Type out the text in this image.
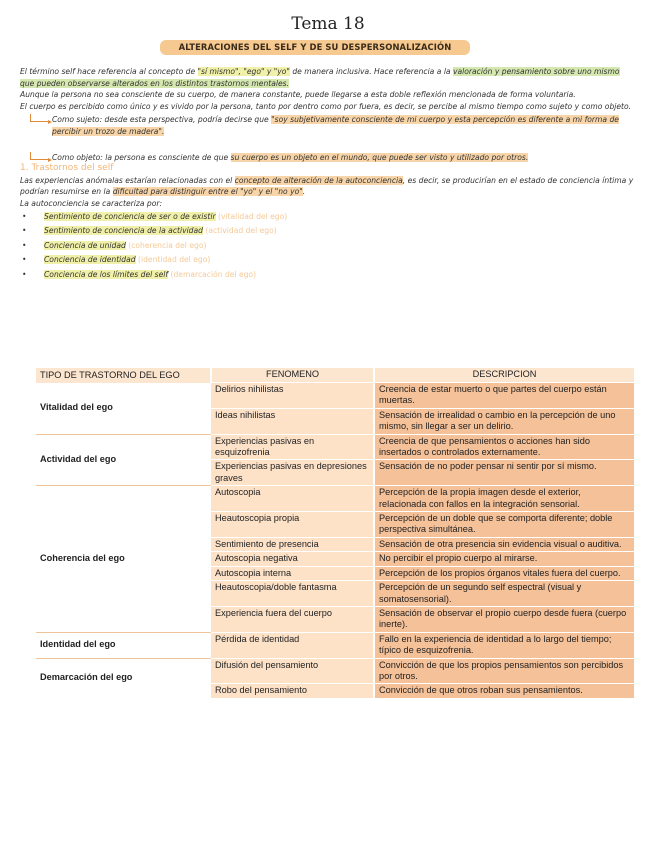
Tema 18
ALTERACIONES DEL SELF Y DE SU DESPERSONALIZACIÓN

El término self hace referencia al concepto de "sí mismo", "ego" y "yo" de manera inclusiva. Hace referencia a la valoración y pensamiento sobre uno mismo que pueden observarse alterados en los distintos trastornos mentales.

Aunque la persona no sea consciente de su cuerpo, de manera constante, puede llegarse a esta doble reflexión mencionada de forma voluntaria.

El cuerpo es percibido como único y es vivido por la persona, tanto por dentro como por fuera, es decir, se percibe al mismo tiempo como sujeto y como objeto.

Como sujeto: desde esta perspectiva, podría decirse que "soy subjetivamente consciente de mi cuerpo y esta percepción es diferente a mi forma de percibir un trozo de madera".

Como objeto: la persona es consciente de que su cuerpo es un objeto en el mundo, que puede ser visto y utilizado por otros.

1. Trastornos del self

Las experiencias anómalas estarían relacionadas con el concepto de alteración de la autoconciencia, es decir, se producirían en el estado de conciencia íntima y podrían resumirse en la dificultad para distinguir entre el "yo" y el "no yo".

La autoconciencia se caracteriza por:

• Sentimiento de conciencia de ser o de existir (vitalidad del ego)
• Sentimiento de conciencia de la actividad (actividad del ego)
• Conciencia de unidad (coherencia del ego)
• Conciencia de identidad (identidad del ego)
• Conciencia de los límites del self (demarcación del ego)
TIPO DE TRASTORNO DEL EGO	FENOMENO	DESCRIPCION
Vitalidad del ego	Delirios nihilistas	Creencia de estar muerto o que partes del cuerpo están muertas.
	Ideas nihilistas	Sensación de irrealidad o cambio en la percepción de uno mismo, sin llegar a ser un delirio.
Actividad del ego	Experiencias pasivas en esquizofrenia	Creencia de que pensamientos o acciones han sido insertados o controlados externamente.
	Experiencias pasivas en depresiones graves	Sensación de no poder pensar ni sentir por sí mismo.
Coherencia del ego	Autoscopia	Percepción de la propia imagen desde el exterior, relacionada con fallos en la integración sensorial.
	Heautoscopia propia	Percepción de un doble que se comporta diferente; doble perspectiva simultánea.
	Sentimiento de presencia	Sensación de otra presencia sin evidencia visual o auditiva.
	Autoscopia negativa	No percibir el propio cuerpo al mirarse.
	Autoscopia interna	Percepción de los propios órganos vitales fuera del cuerpo.
	Heautoscopia/doble fantasma	Percepción de un segundo self espectral (visual y somatosensorial).
	Experiencia fuera del cuerpo	Sensación de observar el propio cuerpo desde fuera (cuerpo inerte).
Identidad del ego	Pérdida de identidad	Fallo en la experiencia de identidad a lo largo del tiempo; típico de esquizofrenia.
Demarcación del ego	Difusión del pensamiento	Convicción de que los propios pensamientos son percibidos por otros.
	Robo del pensamiento	Convicción de que otros roban sus pensamientos.
